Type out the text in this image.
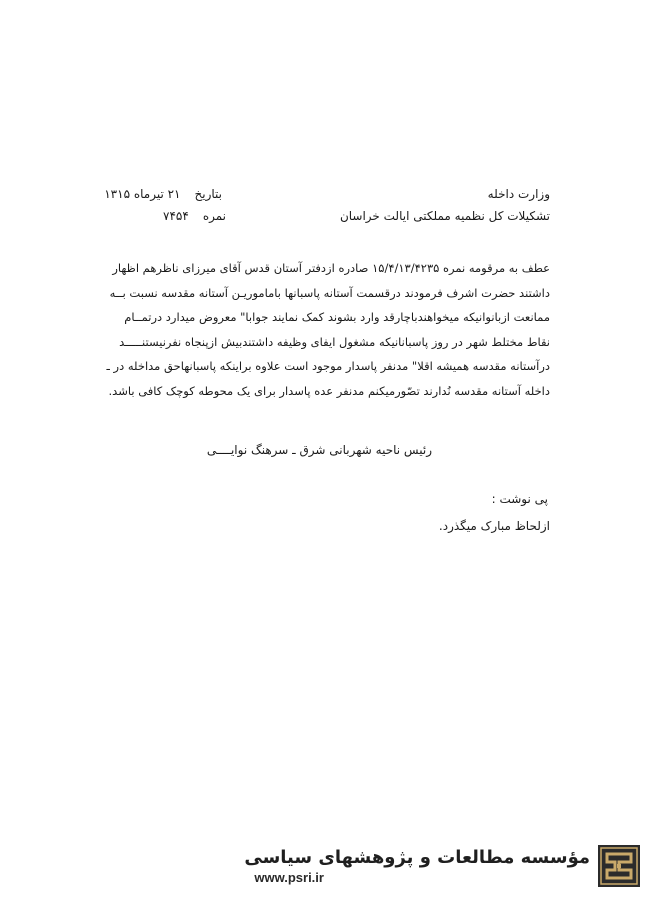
وزارت داخله
تشکیلات کل نظمیه مملکتی ایالت خراسان
بتاریخ۲۱ تیرماه ۱۳۱۵
نمره۷۴۵۴
عطف به مرقومه نمره ۱۵/۴/۱۳/۴۲۳۵ صادره ازدفتر آستان قدس آقای میرزای ناظرهم اظهار
داشتند حضرت اشرف فرمودند درقسمت آستانه پاسبانها باماموریـن آستانه مقدسه نسبت بــه
ممانعت ازبانوانیکه میخواهندباچارقد وارد بشوند کمک نمایند جوابا" معروض میدارد درتمــام
نقاط مختلط شهر در روز پاسبانانیکه مشغول ایفای وظیفه داشتندبیش ازپنجاه نفرنیستنـــــد
درآستانه مقدسه همیشه اقلا" مدنفر پاسدار موجود است علاوه براینکه پاسبانهاحق مداخله در ـ
داخله آستانه مقدسه نُدارند تصّورمیکنم مدنفر عده پاسدار برای یک محوطه کوچک کافی باشد.
رئیس ناحیه شهربانی شرق ـ سرهنگ نوایــــی
پی نوشت :
ازلحاظ مبارک میگذرد.
مؤسسه مطالعات و پژوهشهای سیاسی
www.psri.ir
